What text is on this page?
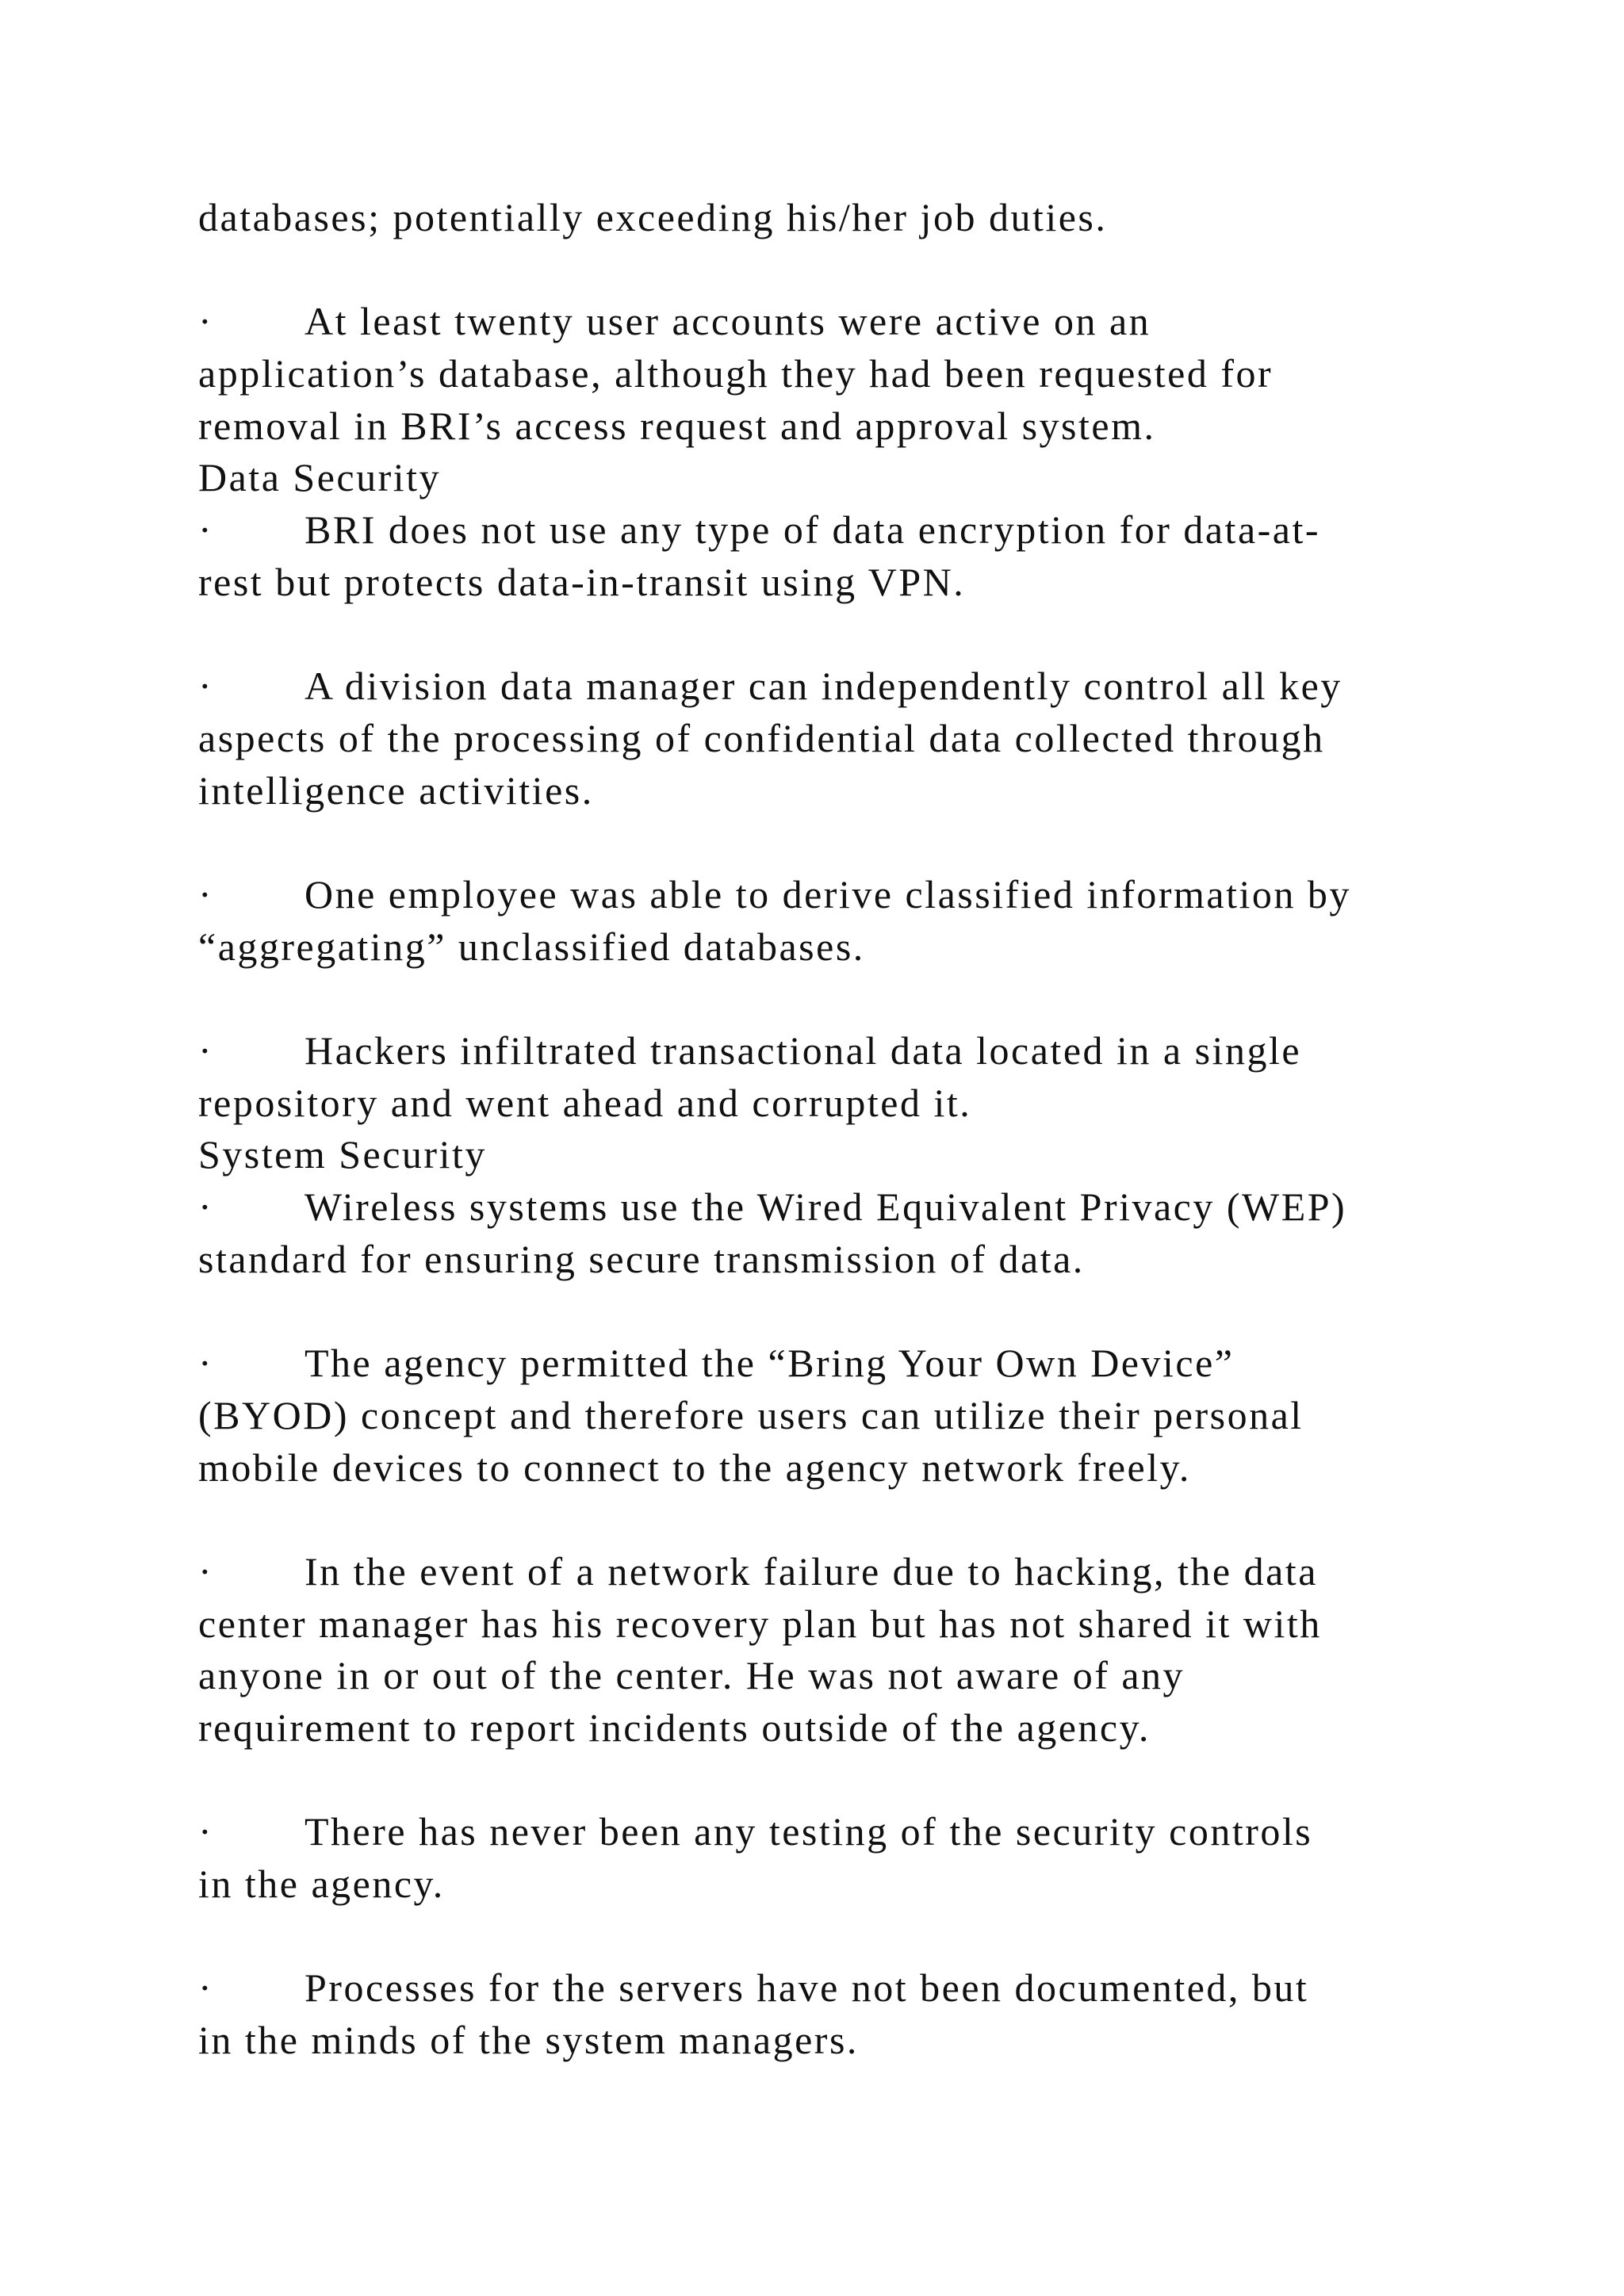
databases; potentially exceeding his/her job duties.
· At least twenty user accounts were active on an
application’s database, although they had been requested for
removal in BRI’s access request and approval system.
Data Security
· BRI does not use any type of data encryption for data-at-
rest but protects data-in-transit using VPN.
· A division data manager can independently control all key
aspects of the processing of confidential data collected through
intelligence activities.
· One employee was able to derive classified information by
“aggregating” unclassified databases.
· Hackers infiltrated transactional data located in a single
repository and went ahead and corrupted it.
System Security
· Wireless systems use the Wired Equivalent Privacy (WEP)
standard for ensuring secure transmission of data.
· The agency permitted the “Bring Your Own Device”
(BYOD) concept and therefore users can utilize their personal
mobile devices to connect to the agency network freely.
· In the event of a network failure due to hacking, the data
center manager has his recovery plan but has not shared it with
anyone in or out of the center. He was not aware of any
requirement to report incidents outside of the agency.
· There has never been any testing of the security controls
in the agency.
· Processes for the servers have not been documented, but
in the minds of the system managers.
